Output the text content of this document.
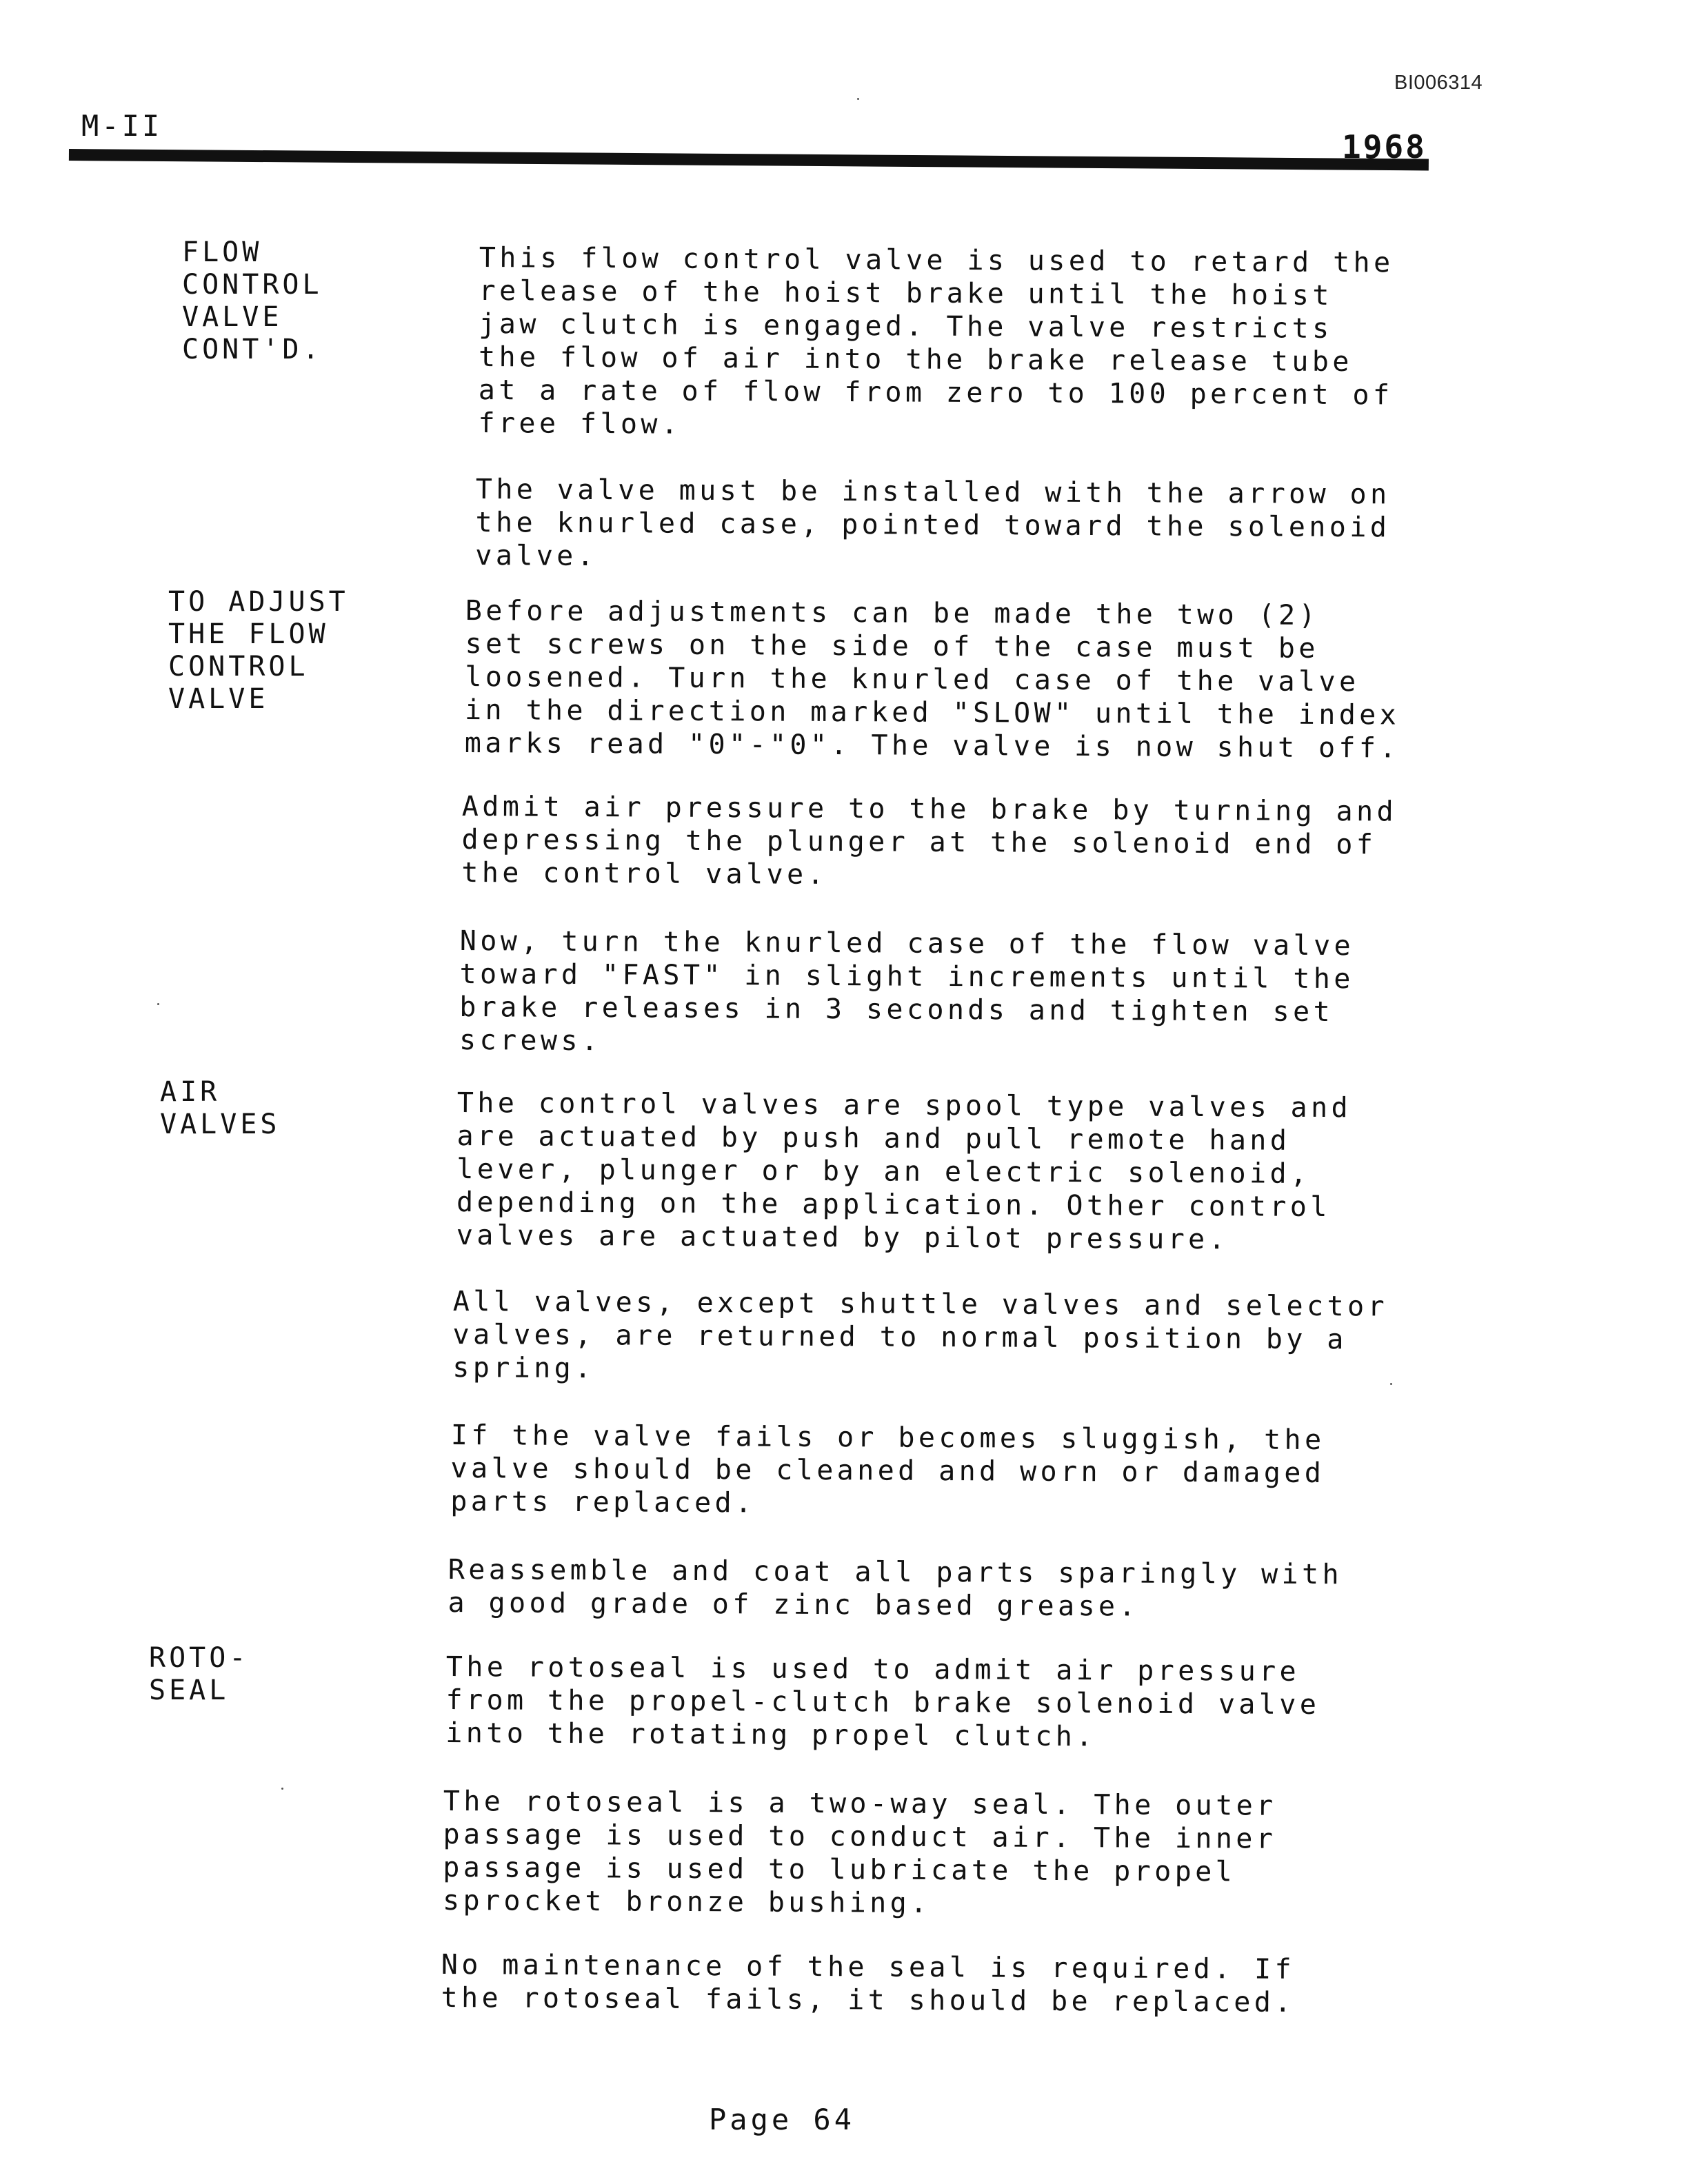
BI006314
M-II
1968

FLOW
CONTROL
VALVE
CONT'D.

This flow control valve is used to retard the
release of the hoist brake until the hoist
jaw clutch is engaged. The valve restricts
the flow of air into the brake release tube
at a rate of flow from zero to 100 percent of
free flow.

The valve must be installed with the arrow on
the knurled case, pointed toward the solenoid
valve.

TO ADJUST
THE FLOW
CONTROL
VALVE

Before adjustments can be made the two (2)
set screws on the side of the case must be
loosened. Turn the knurled case of the valve
in the direction marked "SLOW" until the index
marks read "0"-"0". The valve is now shut off.

Admit air pressure to the brake by turning and
depressing the plunger at the solenoid end of
the control valve.

Now, turn the knurled case of the flow valve
toward "FAST" in slight increments until the
brake releases in 3 seconds and tighten set
screws.

AIR
VALVES

The control valves are spool type valves and
are actuated by push and pull remote hand
lever, plunger or by an electric solenoid,
depending on the application. Other control
valves are actuated by pilot pressure.

All valves, except shuttle valves and selector
valves, are returned to normal position by a
spring.

If the valve fails or becomes sluggish, the
valve should be cleaned and worn or damaged
parts replaced.

Reassemble and coat all parts sparingly with
a good grade of zinc based grease.

ROTO-
SEAL

The rotoseal is used to admit air pressure
from the propel-clutch brake solenoid valve
into the rotating propel clutch.

The rotoseal is a two-way seal. The outer
passage is used to conduct air. The inner
passage is used to lubricate the propel
sprocket bronze bushing.

No maintenance of the seal is required. If
the rotoseal fails, it should be replaced.

Page 64
